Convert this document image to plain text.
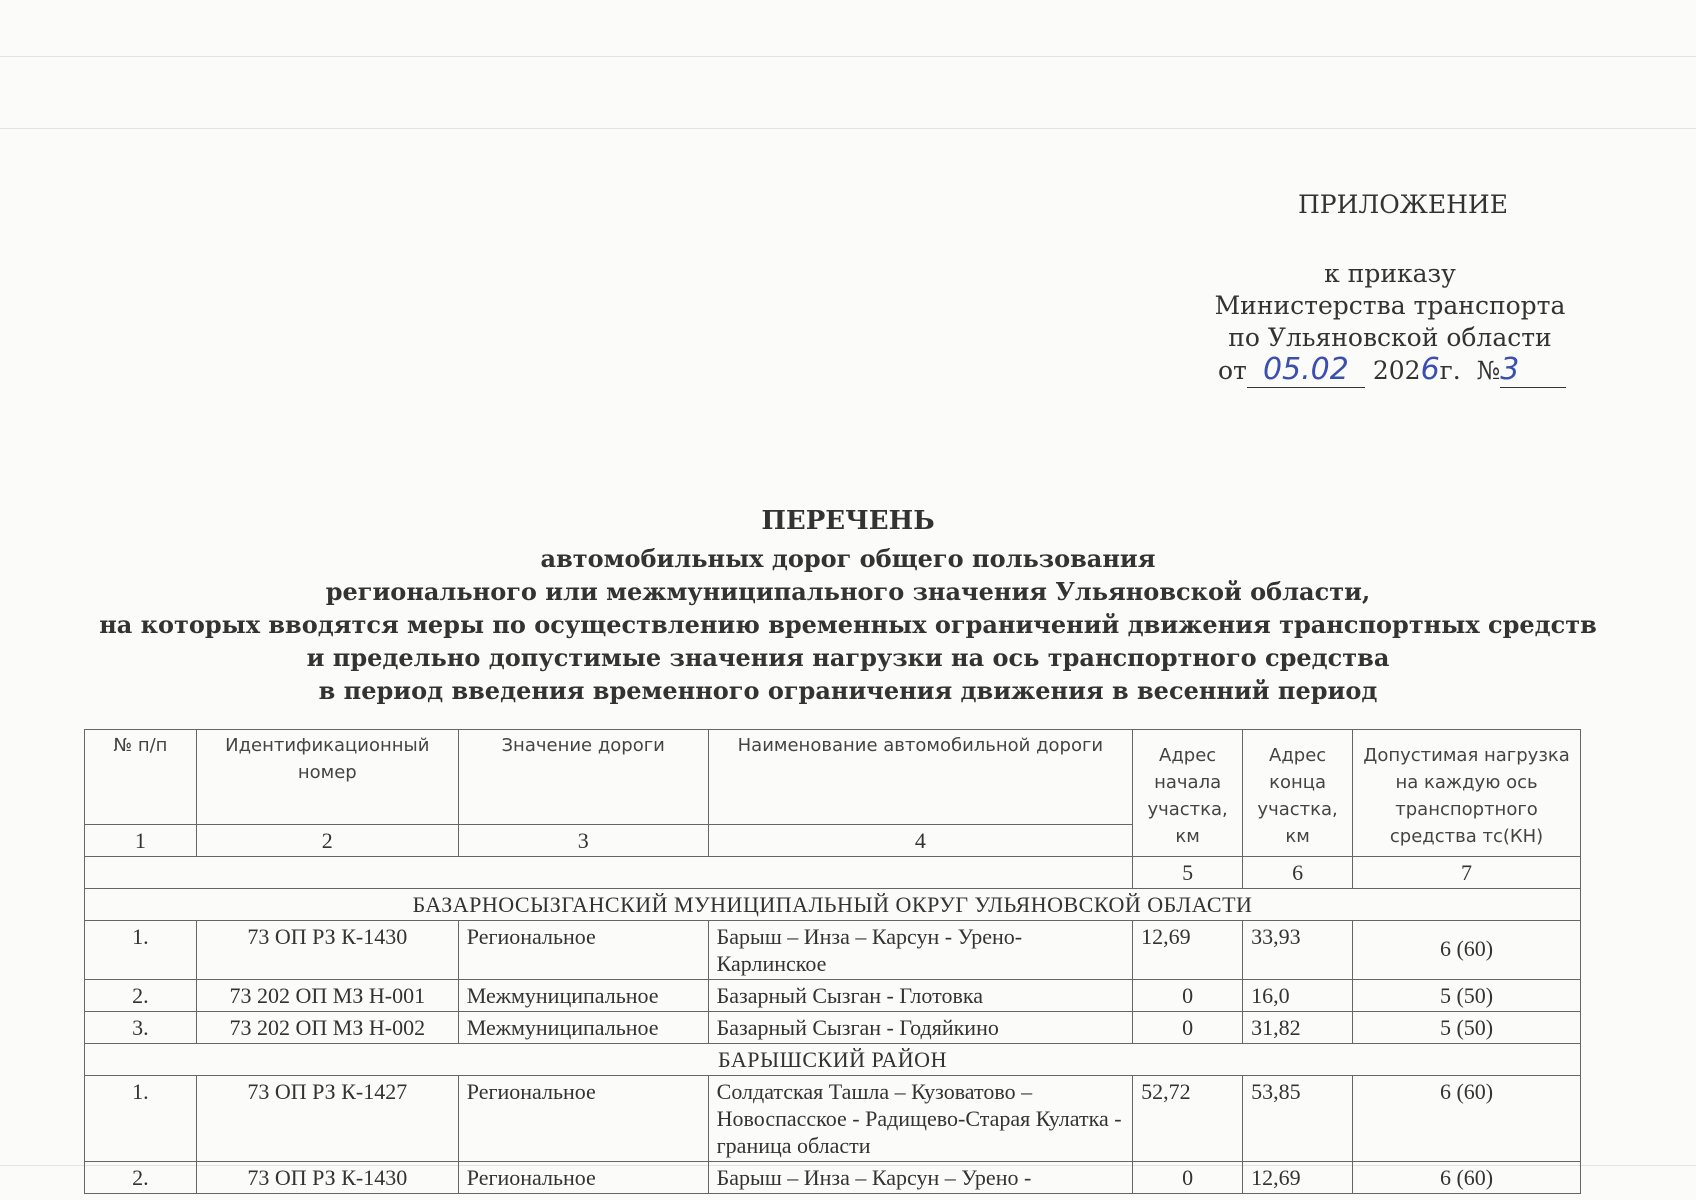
ПРИЛОЖЕНИЕ
к приказу
Министерства транспорта
по Ульяновской области
от 05.02 2026г. №3
ПЕРЕЧЕНЬ
автомобильных дорог общего пользования
регионального или межмуниципального значения Ульяновской области,
на которых вводятся меры по осуществлению временных ограничений движения транспортных средств
и предельно допустимые значения нагрузки на ось транспортного средства
в период введения временного ограничения движения в весенний период
№ п/п	Идентификационный номер	Значение дороги	Наименование автомобильной дороги	Адрес начала участка, км	Адрес конца участка, км	Допустимая нагрузка на каждую ось транспортного средства тс(КН)
1	2	3	4			
				5	6	7
БАЗАРНОСЫЗГАНСКИЙ МУНИЦИПАЛЬНЫЙ ОКРУГ УЛЬЯНОВСКОЙ ОБЛАСТИ						
1.	73 ОП РЗ К-1430	Региональное	Барыш – Инза – Карсун - Урено-Карлинское	12,69	33,93	6 (60)
2.	73 202 ОП МЗ Н-001	Межмуниципальное	Базарный Сызган - Глотовка	0	16,0	5 (50)
3.	73 202 ОП МЗ Н-002	Межмуниципальное	Базарный Сызган - Годяйкино	0	31,82	5 (50)
БАРЫШСКИЙ РАЙОН						
1.	73 ОП РЗ К-1427	Региональное	Солдатская Ташла – Кузоватово – Новоспасское - Радищево-Старая Кулатка - граница области	52,72	53,85	6 (60)
2.	73 ОП РЗ К-1430	Региональное	Барыш – Инза – Карсун – Урено -	0	12,69	6 (60)
